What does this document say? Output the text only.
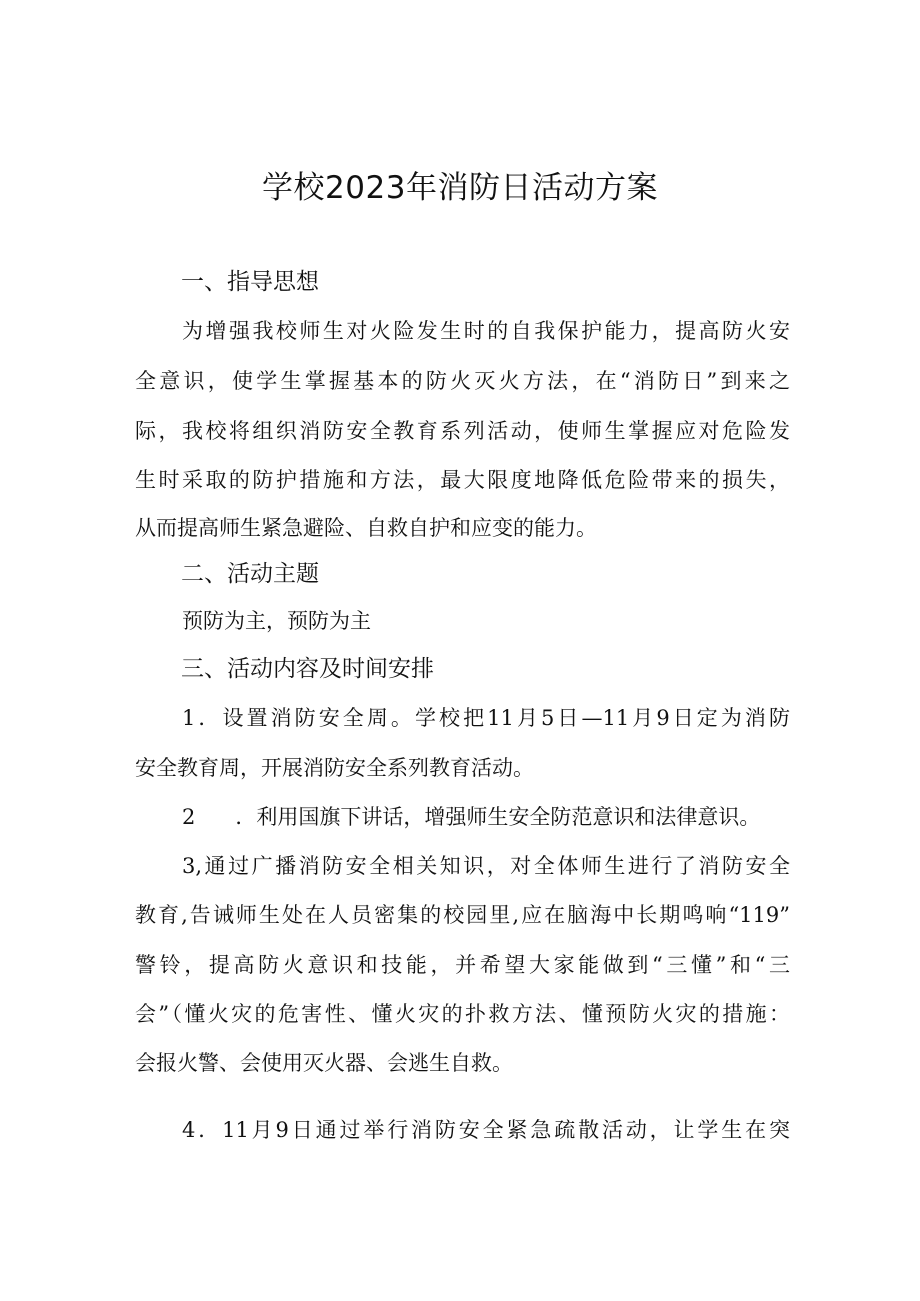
学校2023年消防日活动方案
一、指导思想
为增强我校师生对火险发生时的自我保护能力，提高防火安
全意识，使学生掌握基本的防火灭火方法，在“消防日”到来之
际，我校将组织消防安全教育系列活动，使师生掌握应对危险发
生时采取的防护措施和方法，最大限度地降低危险带来的损失，
从而提高师生紧急避险、自救自护和应变的能力。
二、活动主题
预防为主，预防为主
三、活动内容及时间安排
1．设置消防安全周。学校把11月5日—11月9日定为消防
安全教育周，开展消防安全系列教育活动。
2 ．利用国旗下讲话，增强师生安全防范意识和法律意识。
3,通过广播消防安全相关知识，对全体师生进行了消防安全
教育,告诫师生处在人员密集的校园里,应在脑海中长期鸣响“119”
警铃，提高防火意识和技能，并希望大家能做到“三懂”和“三
会”（懂火灾的危害性、懂火灾的扑救方法、懂预防火灾的措施：
会报火警、会使用灭火器、会逃生自救。
4．11月9日通过举行消防安全紧急疏散活动，让学生在突
